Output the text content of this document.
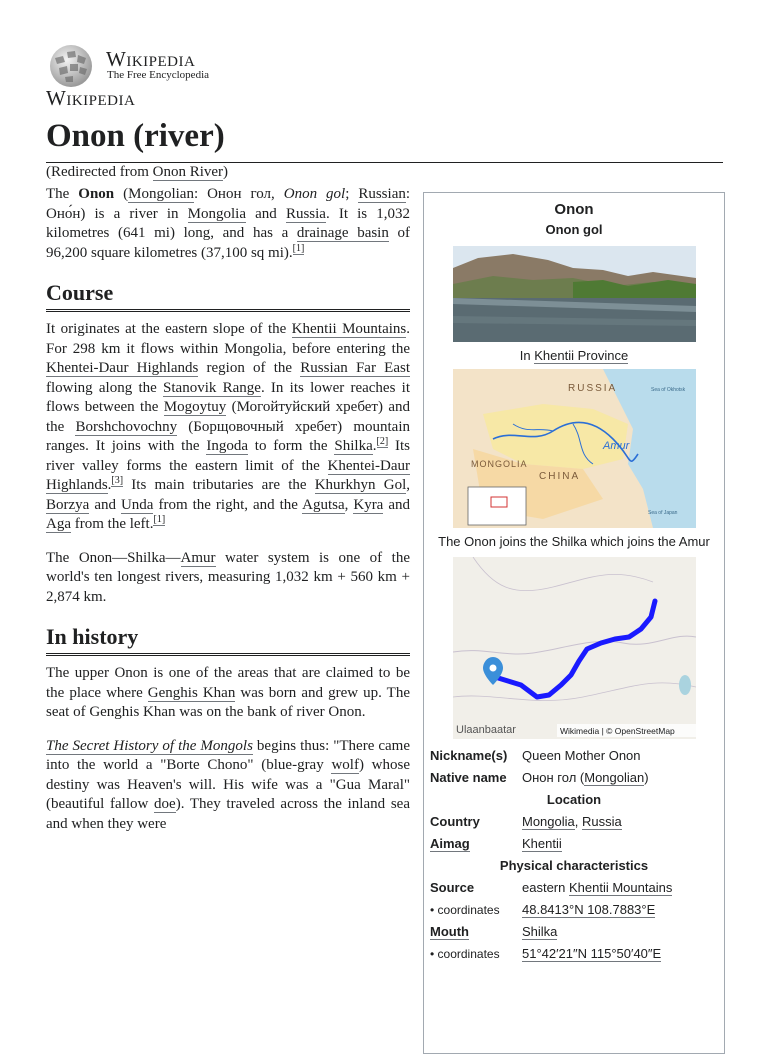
Wikipedia
The Free Encyclopedia
Wikipedia
Onon (river)
(Redirected from Onon River)

The Onon (Mongolian: Онон гол, Onon gol; Russian: Оно́н) is a river in Mongolia and Russia. It is 1,032 kilometres (641 mi) long, and has a drainage basin of 96,200 square kilometres (37,100 sq mi).[1]

Course

It originates at the eastern slope of the Khentii Mountains. For 298 km it flows within Mongolia, before entering the Khentei-Daur Highlands region of the Russian Far East flowing along the Stanovik Range. In its lower reaches it flows between the Mogoytuy (Могойтуйский хребет) and the Borshchovochny (Борщовочный хребет) mountain ranges. It joins with the Ingoda to form the Shilka.[2] Its river valley forms the eastern limit of the Khentei-Daur Highlands.[3] Its main tributaries are the Khurkhyn Gol, Borzya and Unda from the right, and the Agutsa, Kyra and Aga from the left.[1]

The Onon—Shilka—Amur water system is one of the world's ten longest rivers, measuring 1,032 km + 560 km + 2,874 km.

In history

The upper Onon is one of the areas that are claimed to be the place where Genghis Khan was born and grew up. The seat of Genghis Khan was on the bank of river Onon.

The Secret History of the Mongols begins thus: "There came into the world a "Borte Chono" (blue-gray wolf) whose destiny was Heaven's will. His wife was a "Gua Maral" (beautiful fallow doe). They traveled across the inland sea and when they were

Onon
Onon gol
In Khentii Province
RUSSIA
MONGOLIA
CHINA
Amur
Sea of Okhotsk
Sea of Japan
The Onon joins the Shilka which joins the Amur
Ulaanbaatar	Wikimedia | © OpenStreetMap
Nickname(s)	Queen Mother Onon
Native name	Онон гол (Mongolian)
Location	
Country	Mongolia, Russia
Aimag	Khentii
Physical characteristics	
Source	eastern Khentii Mountains
• coordinates	48.8413°N 108.7883°E
Mouth	Shilka
• coordinates	51°42′21″N 115°50′40″E
